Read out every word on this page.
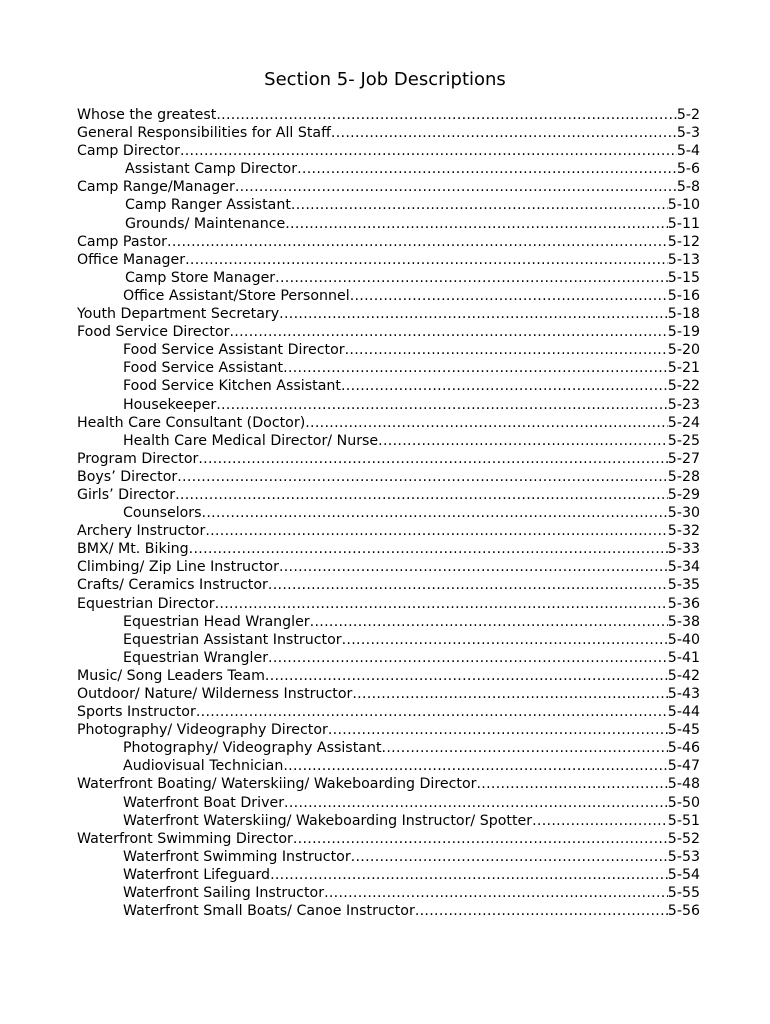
Section 5- Job Descriptions
Whose the greatest .....	5-2
General Responsibilities for All Staff .....	5-3
Camp Director .....	5-4
Assistant Camp Director .....	5-6
Camp Range/Manager .....	5-8
Camp Ranger Assistant .....	5-10
Grounds/ Maintenance .....	5-11
Camp Pastor .....	5-12
Office Manager .....	5-13
Camp Store Manager .....	5-15
Office Assistant/Store Personnel .....	5-16
Youth Department Secretary .....	5-18
Food Service Director .....	5-19
Food Service Assistant Director .....	5-20
Food Service Assistant .....	5-21
Food Service Kitchen Assistant .....	5-22
Housekeeper .....	5-23
Health Care Consultant (Doctor) .....	5-24
Health Care Medical Director/ Nurse .....	5-25
Program Director .....	5-27
Boys’ Director .....	5-28
Girls’ Director .....	5-29
Counselors .....	5-30
Archery Instructor .....	5-32
BMX/ Mt. Biking .....	5-33
Climbing/ Zip Line Instructor .....	5-34
Crafts/ Ceramics Instructor .....	5-35
Equestrian Director .....	5-36
Equestrian Head Wrangler .....	5-38
Equestrian Assistant Instructor .....	5-40
Equestrian Wrangler .....	5-41
Music/ Song Leaders Team .....	5-42
Outdoor/ Nature/ Wilderness Instructor .....	5-43
Sports Instructor .....	5-44
Photography/ Videography Director .....	5-45
Photography/ Videography Assistant .....	5-46
Audiovisual Technician .....	5-47
Waterfront Boating/ Waterskiing/ Wakeboarding Director .....	5-48
Waterfront Boat Driver .....	5-50
Waterfront Waterskiing/ Wakeboarding Instructor/ Spotter .....	5-51
Waterfront Swimming Director .....	5-52
Waterfront Swimming Instructor .....	5-53
Waterfront Lifeguard .....	5-54
Waterfront Sailing Instructor .....	5-55
Waterfront Small Boats/ Canoe Instructor .....	5-56
